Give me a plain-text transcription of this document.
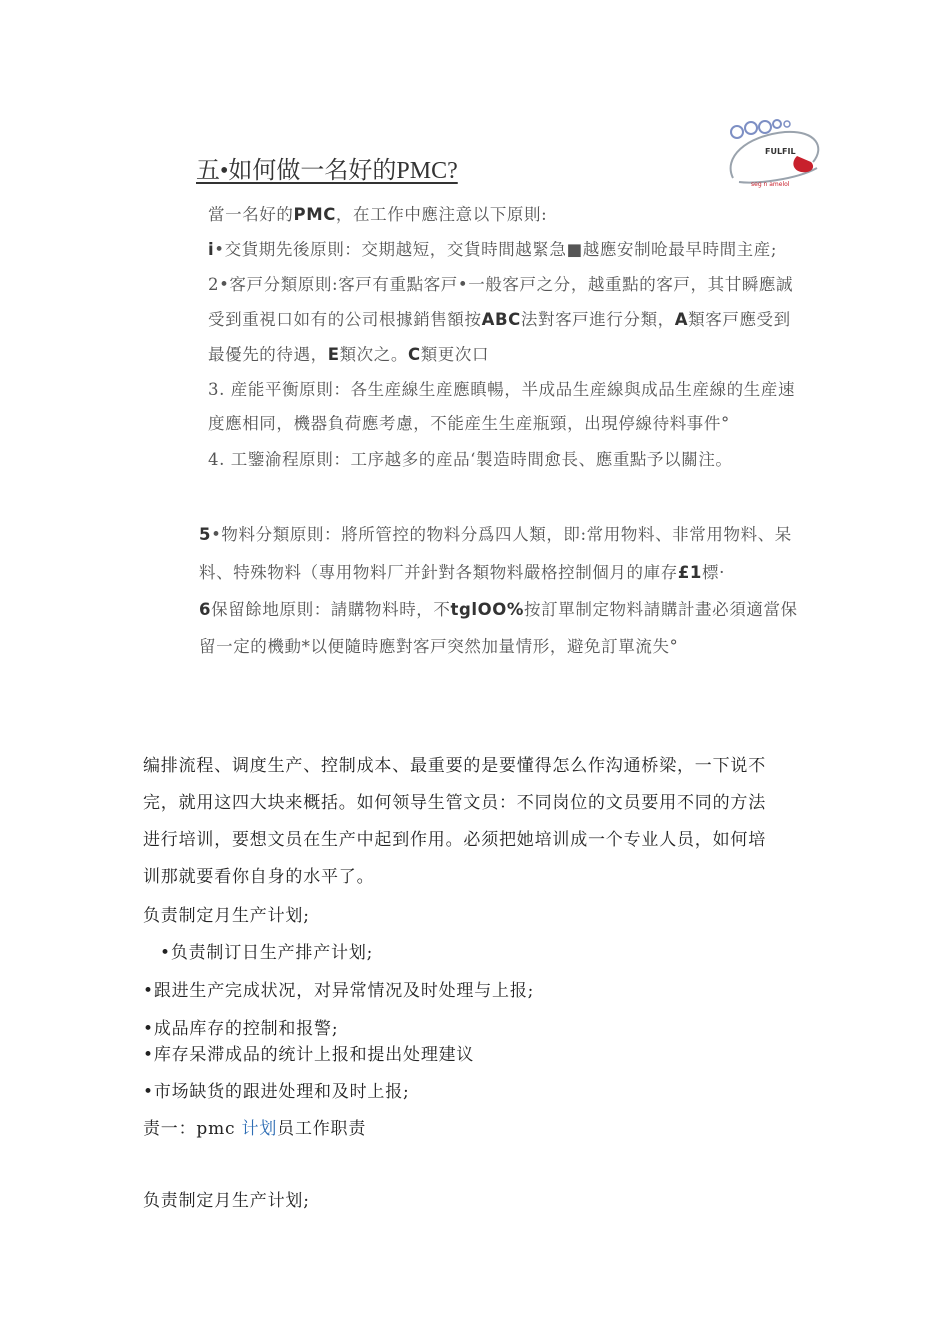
FULFIL
seg n amelol
五•如何做一名好的PMC?
當一名好的PMC，在工作中應注意以下原則:
i•交貨期先後原則：交期越短，交貨時間越緊急■越應安制呛最早時間主産;
2•客戸分類原則:客戸有重點客戸•一般客戸之分，越重點的客戸，其甘瞬應誠
受到重視口如有的公司根據銷售額按ABC法對客戸進行分類，A類客戸應受到
最優先的待遇，E類次之。C類更次口
3. 産能平衡原則：各生産線生産應瞋暢，半成品生産線與成品生産線的生産速
度應相同，機器負荷應考慮，不能産生生産瓶頸，出現停線待料事件°
4. 工鑒渝程原則：工序越多的産品‘製造時間愈長、應重點予以關注。
5•物料分類原則：將所管控的物料分爲四人類，即:常用物料、非常用物料、呆
料、特殊物料（專用物料厂并針對各類物料嚴格控制個月的庫存£1標·
6保留餘地原則：請購物料時，不tglOO%按訂單制定物料請購計畫必須適當保
留一定的機動*以便隨時應對客戸突然加量情形，避免訂單流失°
编排流程、调度生产、控制成本、最重要的是要懂得怎么作沟通桥梁，一下说不
完，就用这四大块来概括。如何领导生管文员：不同岗位的文员要用不同的方法
进行培训，要想文员在生产中起到作用。必须把她培训成一个专业人员，如何培
训那就要看你自身的水平了。
负责制定月生产计划;
•负责制订日生产排产计划;
•跟进生产完成状况，对异常情况及时处理与上报;
•成品库存的控制和报警;
•库存呆滞成品的统计上报和提出处理建议
•市场缺货的跟进处理和及时上报;
责一：pmc 计划员工作职责
负责制定月生产计划;
